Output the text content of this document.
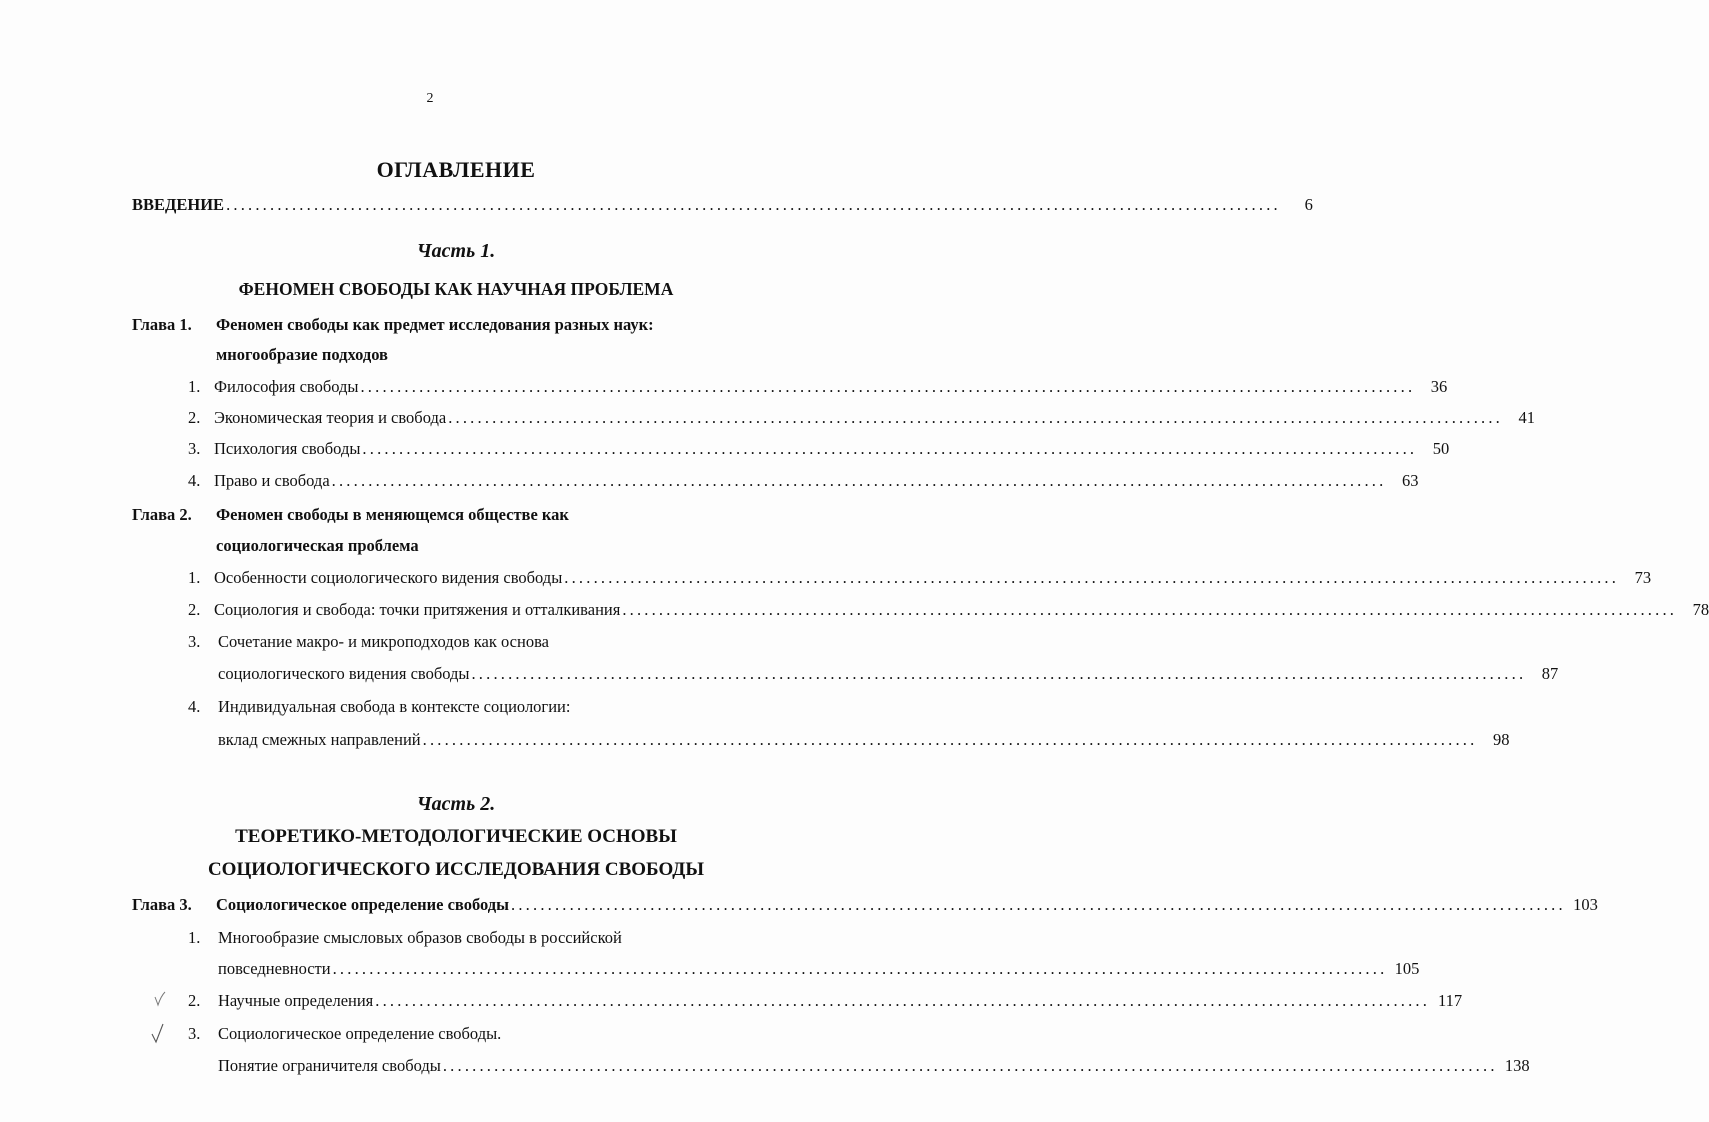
2
ОГЛАВЛЕНИЕ
ВВЕДЕНИЕ ................................................................................................................................................	6
Часть 1.
ФЕНОМЕН СВОБОДЫ КАК НАУЧНАЯ ПРОБЛЕМА
Глава 1. Феномен свободы как предмет исследования разных наук:
многообразие подходов
1. Философия свободы ................................................................................................................................................ 36
2. Экономическая теория и свобода ................................................................................................................................................ 41
3. Психология свободы ................................................................................................................................................ 50
4. Право и свобода ................................................................................................................................................ 63
Глава 2. Феномен свободы в меняющемся обществе как
социологическая проблема
1. Особенности социологического видения свободы ................................................................................................................................................ 73
2. Социология и свобода: точки притяжения и отталкивания ................................................................................................................................................ 78
3. Сочетание макро- и микроподходов как основа
социологического видения свободы ................................................................................................................................................ 87
4. Индивидуальная свобода в контексте социологии:
вклад смежных направлений ................................................................................................................................................ 98
Часть 2.
ТЕОРЕТИКО-МЕТОДОЛОГИЧЕСКИЕ ОСНОВЫ
СОЦИОЛОГИЧЕСКОГО ИССЛЕДОВАНИЯ СВОБОДЫ
Глава 3. Социологическое определение свободы ................................................................................................................................................ 103
1. Многообразие смысловых образов свободы в российской
повседневности ................................................................................................................................................ 105
2. Научные определения ................................................................................................................................................ 117
3. Социологическое определение свободы.
Понятие ограничителя свободы ................................................................................................................................................ 138
